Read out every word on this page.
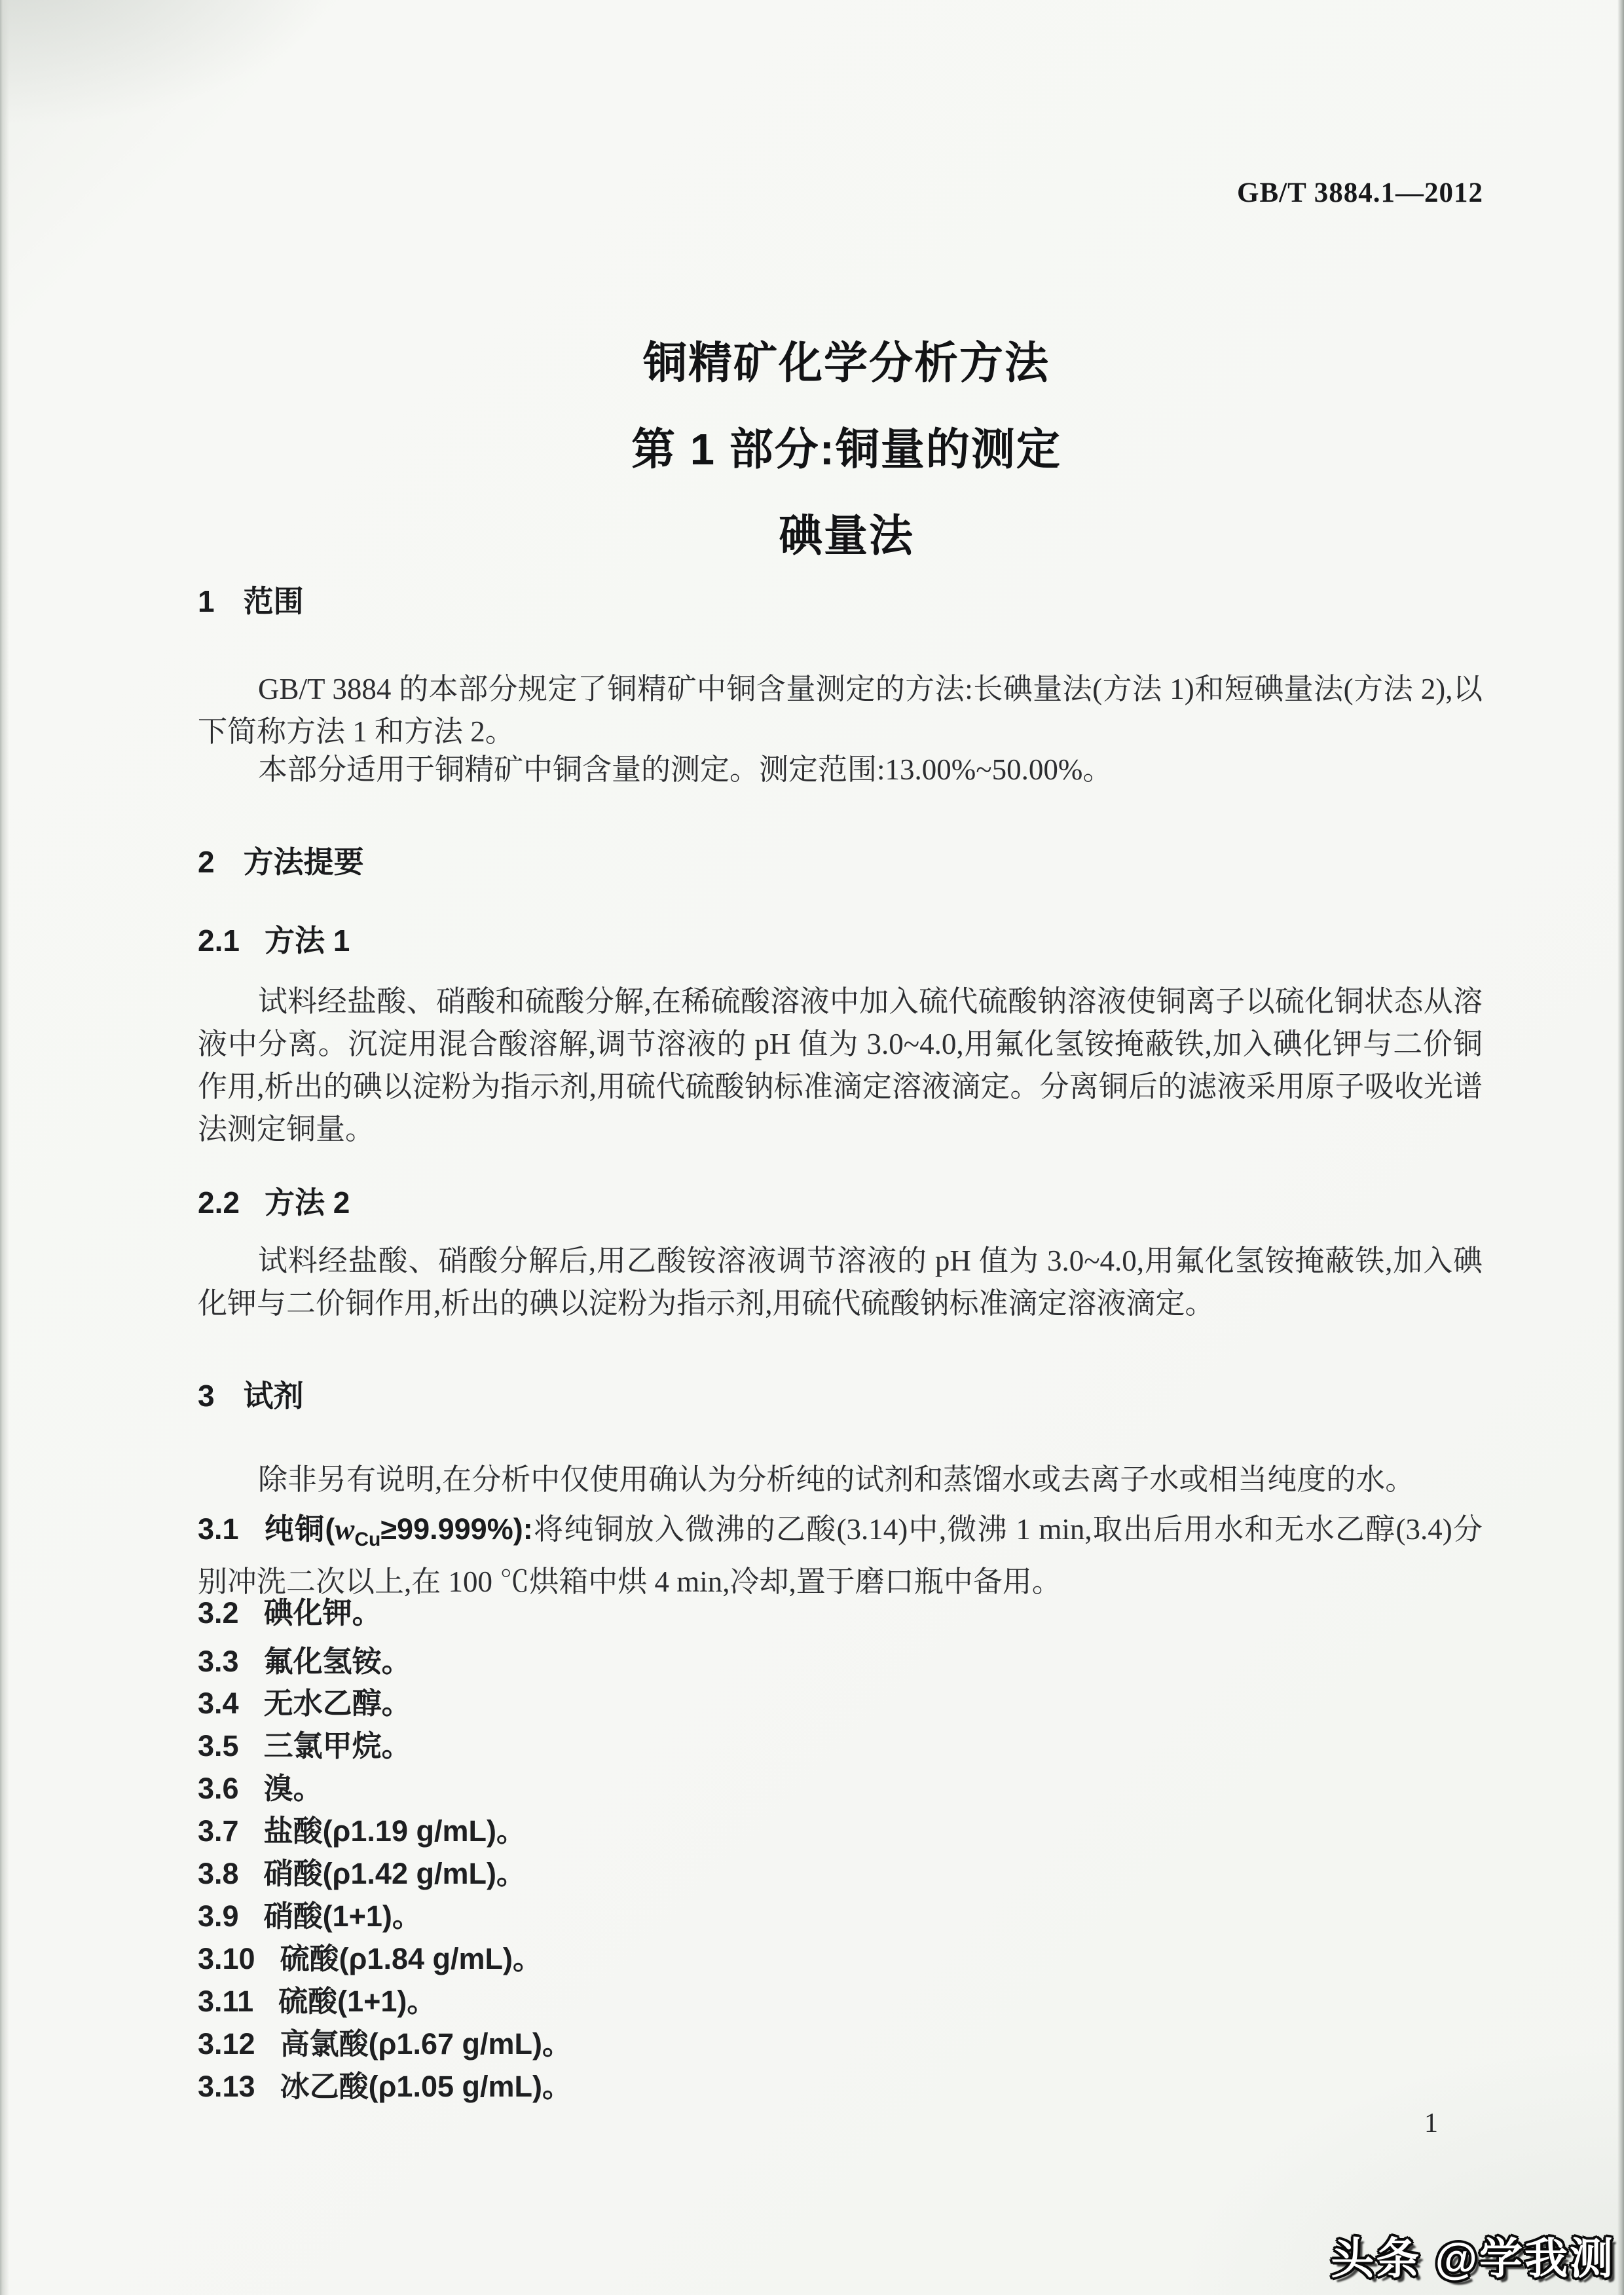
GB/T 3884.1—2012
铜精矿化学分析方法
第 1 部分:铜量的测定
碘量法
1 范围
GB/T 3884 的本部分规定了铜精矿中铜含量测定的方法:长碘量法(方法 1)和短碘量法(方法 2),以下简称方法 1 和方法 2。
本部分适用于铜精矿中铜含量的测定。测定范围:13.00%~50.00%。
2 方法提要
2.1 方法 1
试料经盐酸、硝酸和硫酸分解,在稀硫酸溶液中加入硫代硫酸钠溶液使铜离子以硫化铜状态从溶液中分离。沉淀用混合酸溶解,调节溶液的 pH 值为 3.0~4.0,用氟化氢铵掩蔽铁,加入碘化钾与二价铜作用,析出的碘以淀粉为指示剂,用硫代硫酸钠标准滴定溶液滴定。分离铜后的滤液采用原子吸收光谱法测定铜量。
2.2 方法 2
试料经盐酸、硝酸分解后,用乙酸铵溶液调节溶液的 pH 值为 3.0~4.0,用氟化氢铵掩蔽铁,加入碘化钾与二价铜作用,析出的碘以淀粉为指示剂,用硫代硫酸钠标准滴定溶液滴定。
3 试剂
除非另有说明,在分析中仅使用确认为分析纯的试剂和蒸馏水或去离子水或相当纯度的水。
3.1 纯铜$(w_{Cu}\ge 99.999\%)$:将纯铜放入微沸的乙酸(3.14)中,微沸 1 min,取出后用水和无水乙醇(3.4)分别冲洗二次以上,在 100 ℃烘箱中烘 4 min,冷却,置于磨口瓶中备用。
3.2 碘化钾。
3.3 氟化氢铵。
3.4 无水乙醇。
3.5 三氯甲烷。
3.6 溴。
3.7 盐酸(ρ1.19 g/mL)。
3.8 硝酸(ρ1.42 g/mL)。
3.9 硝酸(1+1)。
3.10 硫酸(ρ1.84 g/mL)。
3.11 硫酸(1+1)。
3.12 高氯酸(ρ1.67 g/mL)。
3.13 冰乙酸(ρ1.05 g/mL)。
1
头条 @学我测
